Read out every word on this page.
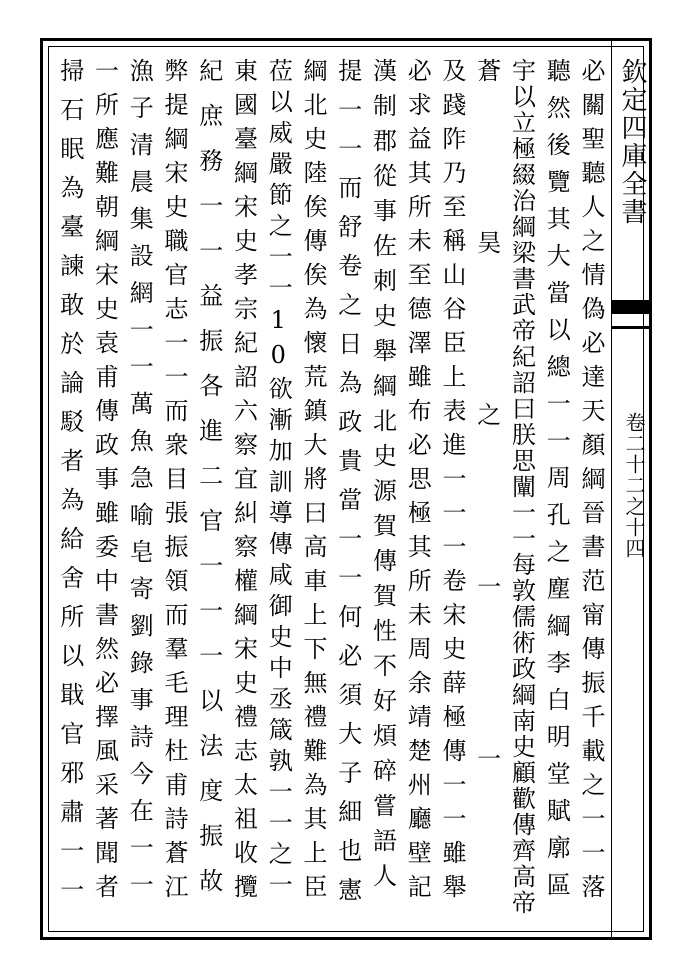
欽定四庫全書
卷二十二之十四
必關聖聽人之情偽必達天顏綱晉書范甯傳振千載之一一落
聽然後覽其大當以總一一周孔之塵綱李白明堂賦廓區
宇以立極綴治綱梁書武帝紀詔曰朕思闡一一每敦儒術政綱南史顧歡傳齊高帝
蒼昊之一一
及踐阼乃至稱山谷臣上表進一一一卷宋史薛極傳一一雖舉
必求益其所未至德澤雖布必思極其所未周余靖楚州廳壁記
漢制郡從事佐刺史舉綱北史源賀傳賀性不好煩碎嘗語人
提一一而舒卷之日為政貴當一一何必須大子細也憲
綱北史陸俟傳俟為懷荒鎮大將曰高車上下無禮難為其上臣
莅以威嚴節之一一10欲漸加訓導傳咸御史中丞箴孰一一之一
東國臺綱宋史孝宗紀詔六察宜糾察權綱宋史禮志太祖收攬
紀庶務一一益振各進二官一一一以法度振故
弊提綱宋史職官志一一而衆目張振領而羣毛理杜甫詩蒼江
漁子清晨集設網一一萬魚急喻皂寄劉錄事詩今在一一
一所應難朝綱宋史袁甫傳政事雖委中書然必擇風采著聞者
掃石眠為臺諫敢於論駁者為給舍所以戢官邪肅一一
